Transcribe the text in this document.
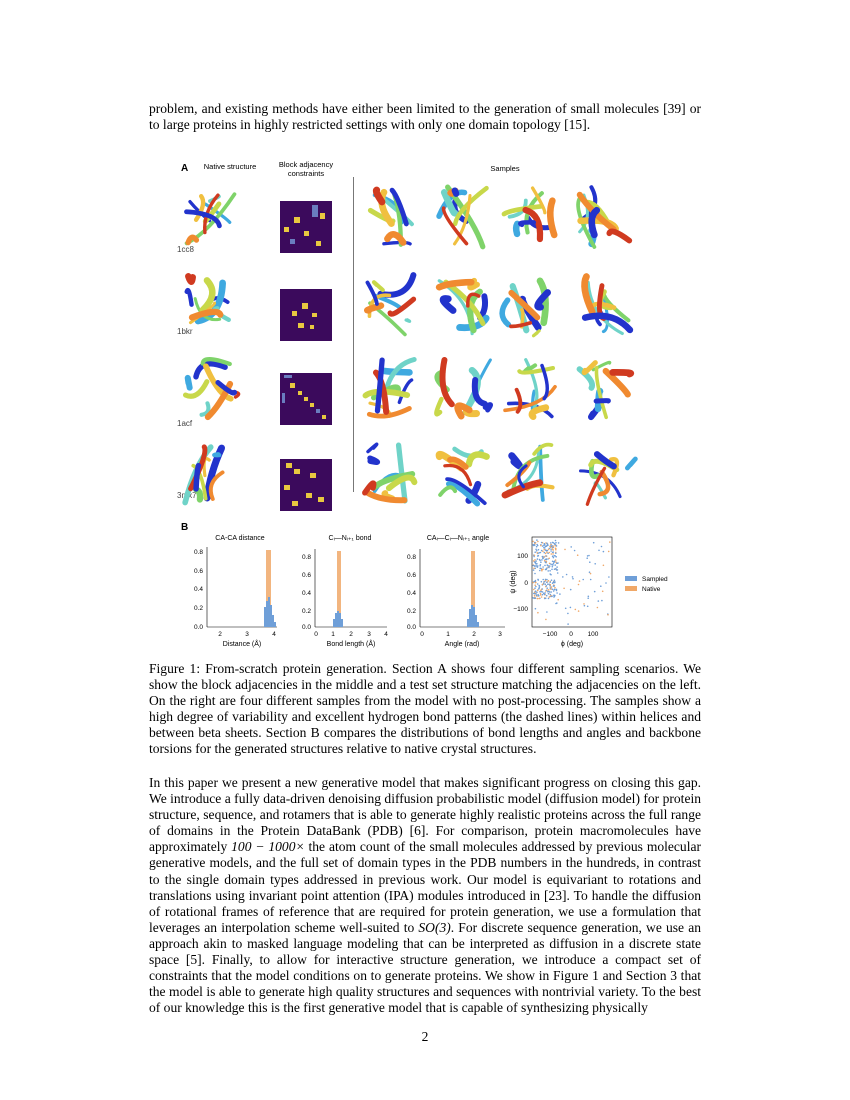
problem, and existing methods have either been limited to the generation of small molecules [39] or to large proteins in highly restricted settings with only one domain topology [15].

A	Native structure	Block adjacency constraints
Samples
1cc8
1bkr
1acf
3mx7
B
CA-CA distance
0.0
0.2
0.4
0.6
0.8
2	3	4
Distance (Å)
Cᵢ—Nᵢ₊₁ bond
0.0
0.2
0.4
0.6
0.8
0 1 2 3 4
Bond length (Å)
CAᵢ—Cᵢ—Nᵢ₊₁ angle
0.0
0.2
0.4
0.6
0.8
0	1	2	3
Angle (rad)
100
0
−100
−100 0 100
ϕ (deg)
ψ (deg)	Sampled
Native

Figure 1: From-scratch protein generation. Section A shows four different sampling scenarios. We show the block adjacencies in the middle and a test set structure matching the adjacencies on the left. On the right are four different samples from the model with no post-processing. The samples show a high degree of variability and excellent hydrogen bond patterns (the dashed lines) within helices and between beta sheets. Section B compares the distributions of bond lengths and angles and backbone torsions for the generated structures relative to native crystal structures.

In this paper we present a new generative model that makes significant progress on closing this gap. We introduce a fully data-driven denoising diffusion probabilistic model (diffusion model) for protein structure, sequence, and rotamers that is able to generate highly realistic proteins across the full range of domains in the Protein DataBank (PDB) [6]. For comparison, protein macromolecules have approximately 100 − 1000× the atom count of the small molecules addressed by previous molecular generative models, and the full set of domain types in the PDB numbers in the hundreds, in contrast to the single domain types addressed in previous work. Our model is equivariant to rotations and translations using invariant point attention (IPA) modules introduced in [23]. To handle the diffusion of rotational frames of reference that are required for protein generation, we use a formulation that leverages an interpolation scheme well-suited to SO(3). For discrete sequence generation, we use an approach akin to masked language modeling that can be interpreted as diffusion in a discrete state space [5]. Finally, to allow for interactive structure generation, we introduce a compact set of constraints that the model conditions on to generate proteins. We show in Figure 1 and Section 3 that the model is able to generate high quality structures and sequences with nontrivial variety. To the best of our knowledge this is the first generative model that is capable of synthesizing physically

2
